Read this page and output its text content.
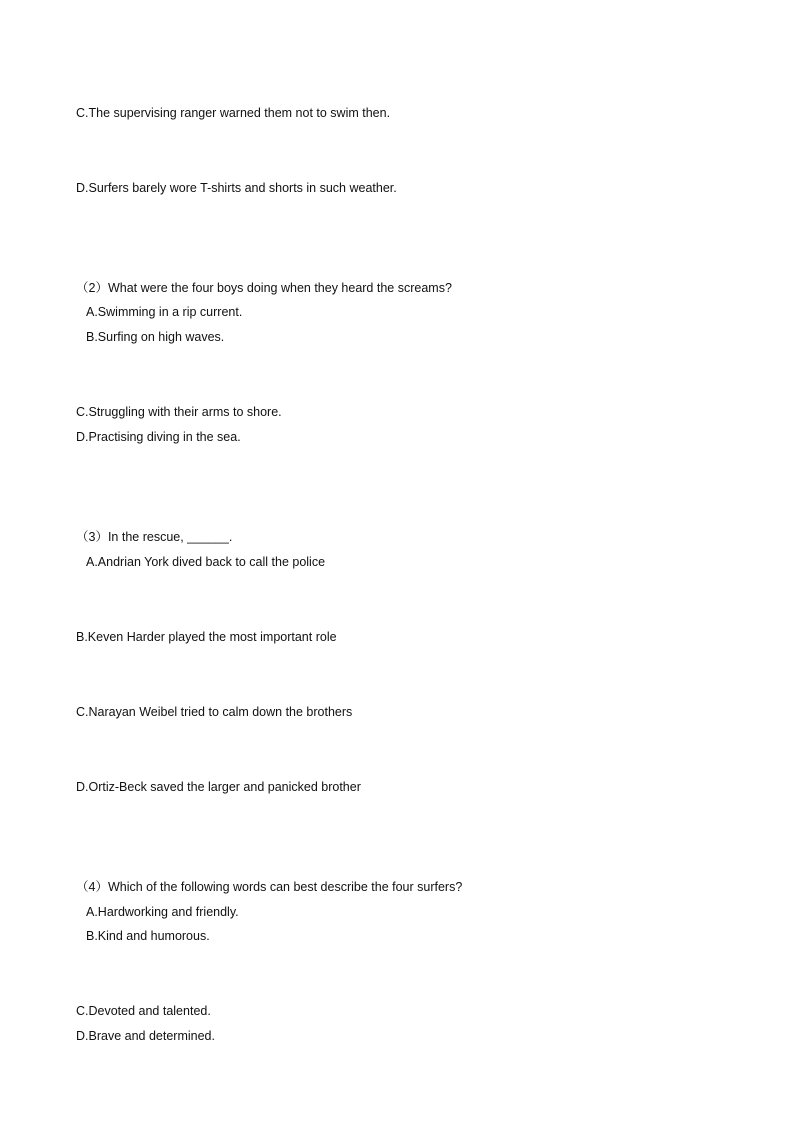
C.The supervising ranger warned them not to swim then.
D.Surfers barely wore T-shirts and shorts in such weather.
（2）What were the four boys doing when they heard the screams?
A.Swimming in a rip current.
B.Surfing on high waves.
C.Struggling with their arms to shore.
D.Practising diving in the sea.
（3）In the rescue, ______.
A.Andrian York dived back to call the police
B.Keven Harder played the most important role
C.Narayan Weibel tried to calm down the brothers
D.Ortiz-Beck saved the larger and panicked brother
（4）Which of the following words can best describe the four surfers?
A.Hardworking and friendly.
B.Kind and humorous.
C.Devoted and talented.
D.Brave and determined.
